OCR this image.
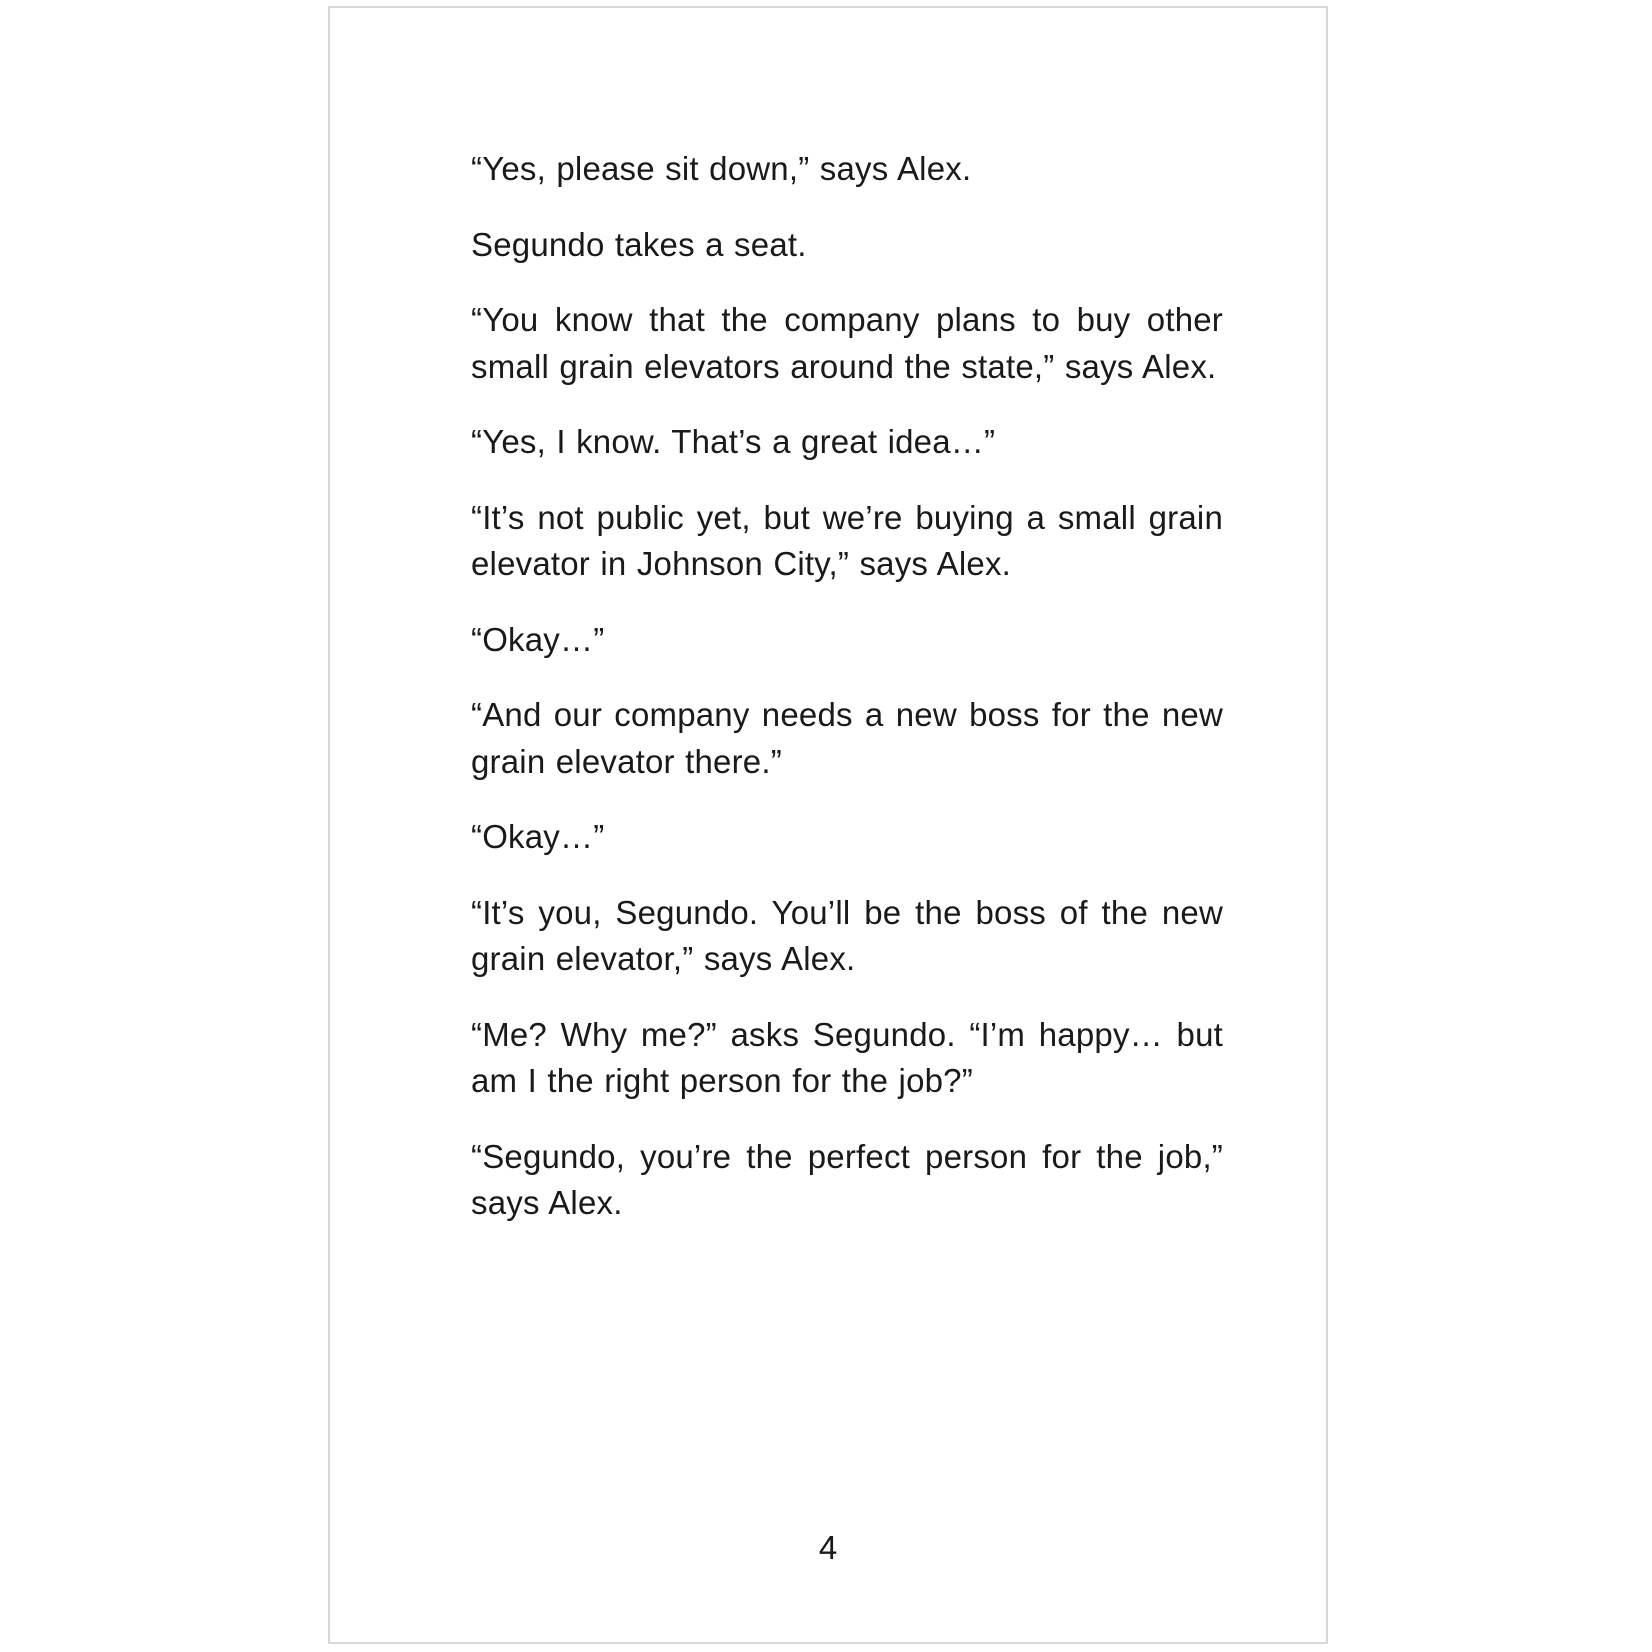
“Yes, please sit down,” says Alex.

Segundo takes a seat.

“You know that the company plans to buy other small grain elevators around the state,” says Alex.

“Yes, I know. That’s a great idea…”

“It’s not public yet, but we’re buying a small grain elevator in Johnson City,” says Alex.

“Okay…”

“And our company needs a new boss for the new grain elevator there.”

“Okay…”

“It’s you, Segundo. You’ll be the boss of the new grain elevator,” says Alex.

“Me? Why me?” asks Segundo. “I’m happy… but am I the right person for the job?”

“Segundo, you’re the perfect person for the job,” says Alex.

4
